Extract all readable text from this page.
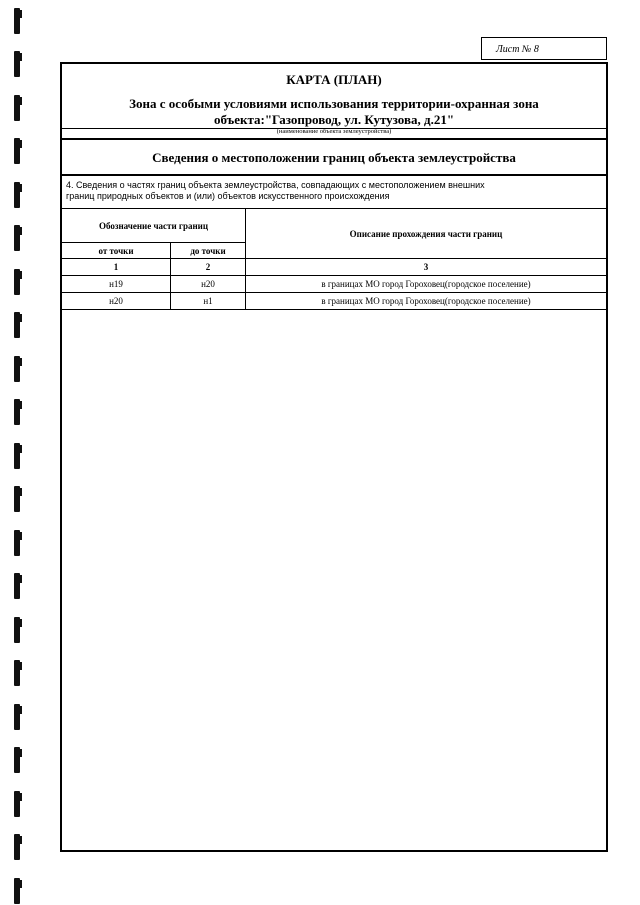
Лист № 8
КАРТА (ПЛАН)
Зона с особыми условиями использования территории-охранная зона
объекта:"Газопровод, ул. Кутузова, д.21"
(наименование объекта землеустройства)
Сведения о местоположении границ объекта землеустройства
4. Сведения о частях границ объекта землеустройства, совпадающих с местоположением внешних
границ природных объектов и (или) объектов искусственного происхождения
Обозначение части границ		Описание прохождения части границ
от точки	до точки	
1	2	3
н19	н20	в границах МО город Гороховец(городское поселение)
н20	н1	в границах МО город Гороховец(городское поселение)
